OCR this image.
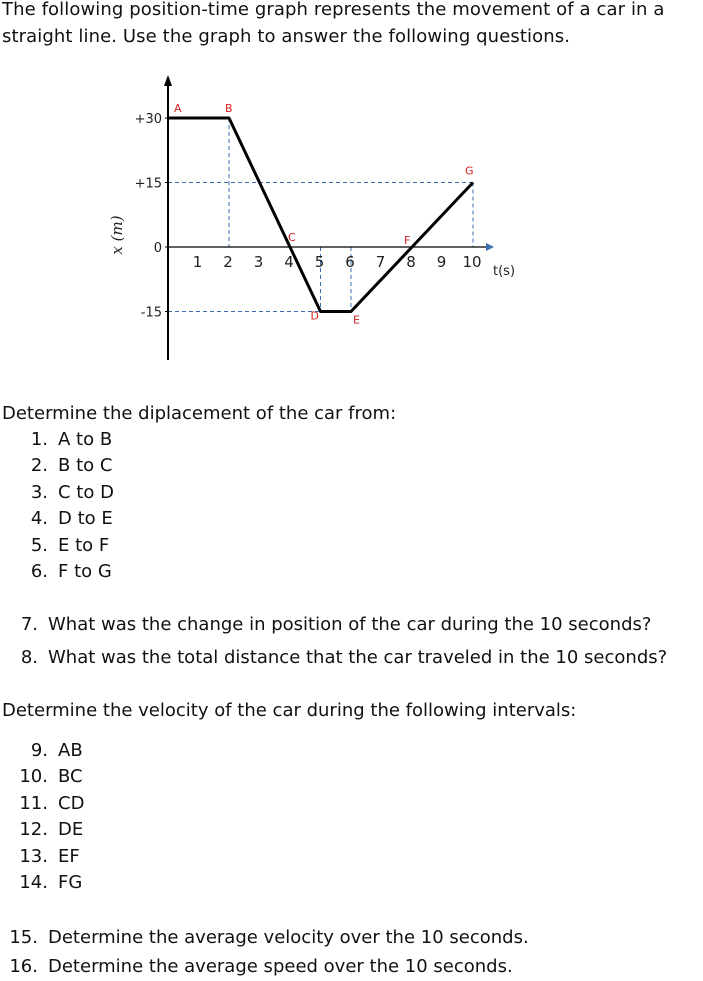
The following position-time graph represents the movement of a car in a straight line. Use the graph to answer the following questions.
+30
+15
0
-15
1 2 3 4 5 6 7 8 9 10
A	B
C
D	E
F
G
t(s)
x (m)
Determine the diplacement of the car from:
1. A to B
2. B to C
3. C to D
4. D to E
5. E to F
6. F to G
7. What was the change in position of the car during the 10 seconds?
8. What was the total distance that the car traveled in the 10 seconds?
Determine the velocity of the car during the following intervals:
9. AB
10. BC
11. CD
12. DE
13. EF
14. FG
15. Determine the average velocity over the 10 seconds.
16. Determine the average speed over the 10 seconds.
